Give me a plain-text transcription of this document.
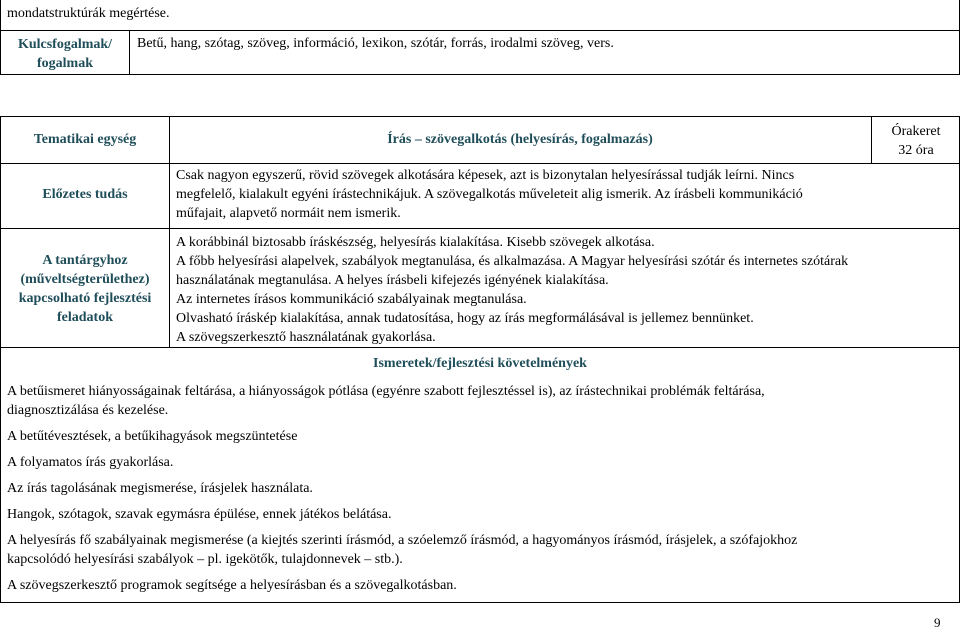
mondatstruktúrák megértése.
Kulcsfogalmak/
fogalmak
Betű, hang, szótag, szöveg, információ, lexikon, szótár, forrás, irodalmi szöveg, vers.
Tematikai egység	Írás – szövegalkotás (helyesírás, fogalmazás)
Órakeret
32 óra
Előzetes tudás
Csak nagyon egyszerű, rövid szövegek alkotására képesek, azt is bizonytalan helyesírással tudják leírni. Nincs
megfelelő, kialakult egyéni írástechnikájuk. A szövegalkotás műveleteit alig ismerik. Az írásbeli kommunikáció
műfajait, alapvető normáit nem ismerik.
A tantárgyhoz
(műveltségterülethez)
kapcsolható fejlesztési
feladatok
A korábbinál biztosabb íráskészség, helyesírás kialakítása. Kisebb szövegek alkotása.
A főbb helyesírási alapelvek, szabályok megtanulása, és alkalmazása. A Magyar helyesírási szótár és internetes szótárak
használatának megtanulása. A helyes írásbeli kifejezés igényének kialakítása.
Az internetes írásos kommunikáció szabályainak megtanulása.
Olvasható íráskép kialakítása, annak tudatosítása, hogy az írás megformálásával is jellemez bennünket.
A szövegszerkesztő használatának gyakorlása.
Ismeretek/fejlesztési követelmények
A betűismeret hiányosságainak feltárása, a hiányosságok pótlása (egyénre szabott fejlesztéssel is), az írástechnikai problémák feltárása,
diagnosztizálása és kezelése.
A betűtévesztések, a betűkihagyások megszüntetése
A folyamatos írás gyakorlása.
Az írás tagolásának megismerése, írásjelek használata.
Hangok, szótagok, szavak egymásra épülése, ennek játékos belátása.
A helyesírás fő szabályainak megismerése (a kiejtés szerinti írásmód, a szóelemző írásmód, a hagyományos írásmód, írásjelek, a szófajokhoz
kapcsolódó helyesírási szabályok – pl. igekötők, tulajdonnevek – stb.).
A szövegszerkesztő programok segítsége a helyesírásban és a szövegalkotásban.
9
